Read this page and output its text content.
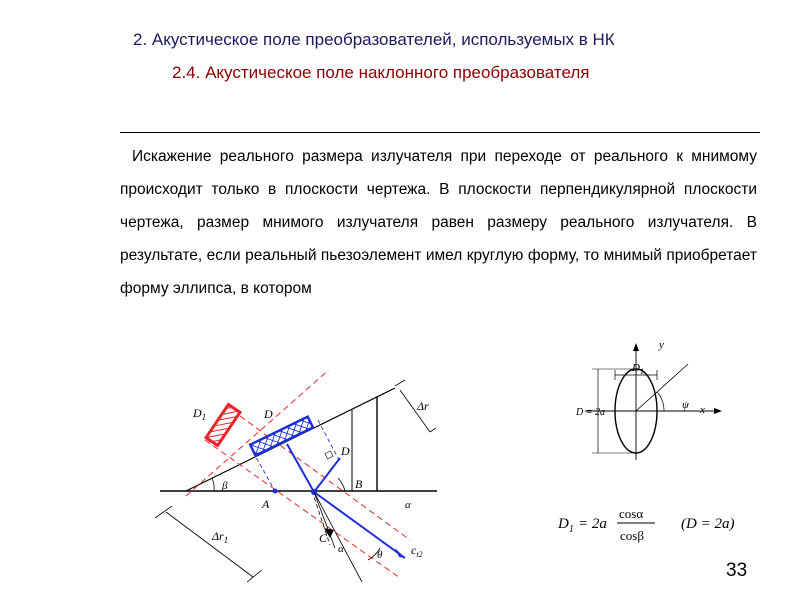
2. Акустическое поле преобразователей, используемых в НК
2.4. Акустическое поле наклонного преобразователя
Искажение реального размера излучателя при переходе от реального к мнимому происходит только в плоскости чертежа. В плоскости перпендикулярной плоскости чертежа, размер мнимого излучателя равен размеру реального излучателя. В результате, если реальный пьезоэлемент имел круглую форму, то мнимый приобретает форму эллипса, в котором
$D_1$	D
D
Δr
$\Delta r_1$
A
B
C
α
α
β
θ $c_{t2}$
y
x
ψ
$D_1$
D = 2a
$D_1 = 2a$
cosα
cosβ
(D = 2a)
33
